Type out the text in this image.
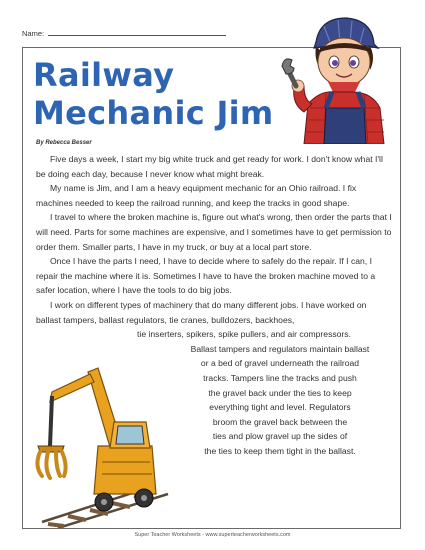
Name:
Railway
Mechanic Jim
By Rebecca Besser

Five days a week, I start my big white truck and get ready for work. I don't know what I'll be doing each day, because I never know what might break.

My name is Jim, and I am a heavy equipment mechanic for an Ohio railroad. I fix machines needed to keep the railroad running, and keep the tracks in good shape.

I travel to where the broken machine is, figure out what's wrong, then order the parts that I will need. Parts for some machines are expensive, and I sometimes have to get permission to order them. Smaller parts, I have in my truck, or buy at a local part store.

Once I have the parts I need, I have to decide where to safely do the repair. If I can, I repair the machine where it is. Sometimes I have to have the broken machine moved to a safer location, where I have the tools to do big jobs.

I work on different types of machinery that do many different jobs. I have worked on ballast tampers, ballast regulators, tie cranes, bulldozers, backhoes,

tie inserters, spikers, spike pullers, and air compressors.

Ballast tampers and regulators maintain ballast

or a bed of gravel underneath the railroad

tracks. Tampers line the tracks and push

the gravel back under the ties to keep

everything tight and level. Regulators

broom the gravel back between the

ties and plow gravel up the sides of

the ties to keep them tight in the ballast.

Super Teacher Worksheets - www.superteacherworksheets.com
